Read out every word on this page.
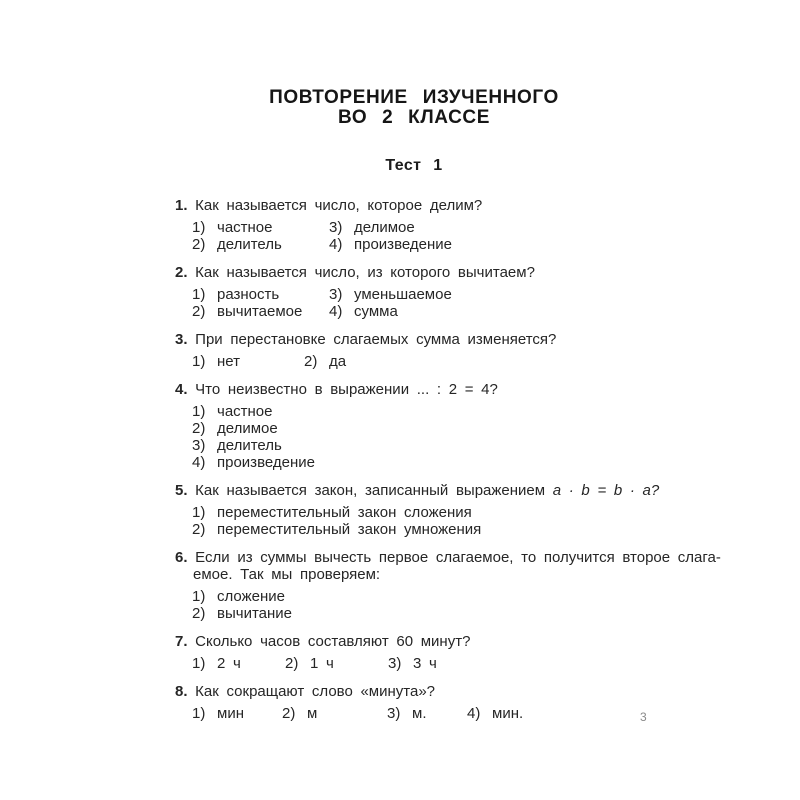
ПОВТОРЕНИЕ ИЗУЧЕННОГО
ВО 2 КЛАССЕ
Тест 1
1. Как называется число, которое делим?
1) частное	3) делимое
2) делитель	4) произведение
2. Как называется число, из которого вычитаем?
1) разность	3) уменьшаемое
2) вычитаемое	4) сумма
3. При перестановке слагаемых сумма изменяется?
1) нет	2) да
4. Что неизвестно в выражении ... : 2 = 4?
1) частное
2) делимое
3) делитель
4) произведение
5. Как называется закон, записанный выражением a · b = b · a?
1) переместительный закон сложения
2) переместительный закон умножения
6. Если из суммы вычесть первое слагаемое, то получится второе слага-
емое. Так мы проверяем:
1) сложение
2) вычитание
7. Сколько часов составляют 60 минут?
1) 2 ч	2) 1 ч	3) 3 ч
8. Как сокращают слово «минута»?
1) мин	2) м	3) м.	4) мин.	3
